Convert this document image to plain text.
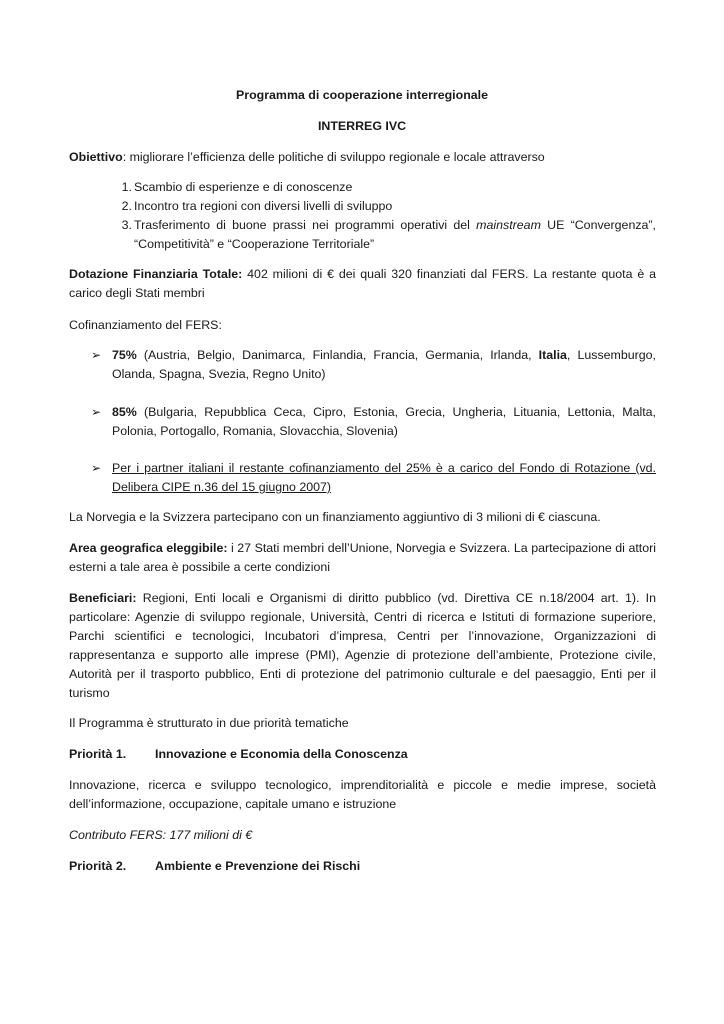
Programma di cooperazione interregionale

INTERREG IVC

Obiettivo: migliorare l’efficienza delle politiche di sviluppo regionale e locale attraverso

1. Scambio di esperienze e di conoscenze
2. Incontro tra regioni con diversi livelli di sviluppo
3. Trasferimento di buone prassi nei programmi operativi del mainstream UE “Convergenza”, “Competitività” e “Cooperazione Territoriale”

Dotazione Finanziaria Totale: 402 milioni di € dei quali 320 finanziati dal FERS. La restante quota è a carico degli Stati membri

Cofinanziamento del FERS:

➢ 75% (Austria, Belgio, Danimarca, Finlandia, Francia, Germania, Irlanda, Italia, Lussemburgo, Olanda, Spagna, Svezia, Regno Unito)
➢ 85% (Bulgaria, Repubblica Ceca, Cipro, Estonia, Grecia, Ungheria, Lituania, Lettonia, Malta, Polonia, Portogallo, Romania, Slovacchia, Slovenia)
➢ Per i partner italiani il restante cofinanziamento del 25% è a carico del Fondo di Rotazione (vd. Delibera CIPE n.36 del 15 giugno 2007)

La Norvegia e la Svizzera partecipano con un finanziamento aggiuntivo di 3 milioni di € ciascuna.

Area geografica eleggibile: i 27 Stati membri dell’Unione, Norvegia e Svizzera. La partecipazione di attori esterni a tale area è possibile a certe condizioni

Beneficiari: Regioni, Enti locali e Organismi di diritto pubblico (vd. Direttiva CE n.18/2004 art. 1). In particolare: Agenzie di sviluppo regionale, Università, Centri di ricerca e Istituti di formazione superiore, Parchi scientifici e tecnologici, Incubatori d’impresa, Centri per l’innovazione, Organizzazioni di rappresentanza e supporto alle imprese (PMI), Agenzie di protezione dell’ambiente, Protezione civile, Autorità per il trasporto pubblico, Enti di protezione del patrimonio culturale e del paesaggio, Enti per il turismo

Il Programma è strutturato in due priorità tematiche

Priorità 1. Innovazione e Economia della Conoscenza

Innovazione, ricerca e sviluppo tecnologico, imprenditorialità e piccole e medie imprese, società dell’informazione, occupazione, capitale umano e istruzione

Contributo FERS: 177 milioni di €

Priorità 2. Ambiente e Prevenzione dei Rischi
